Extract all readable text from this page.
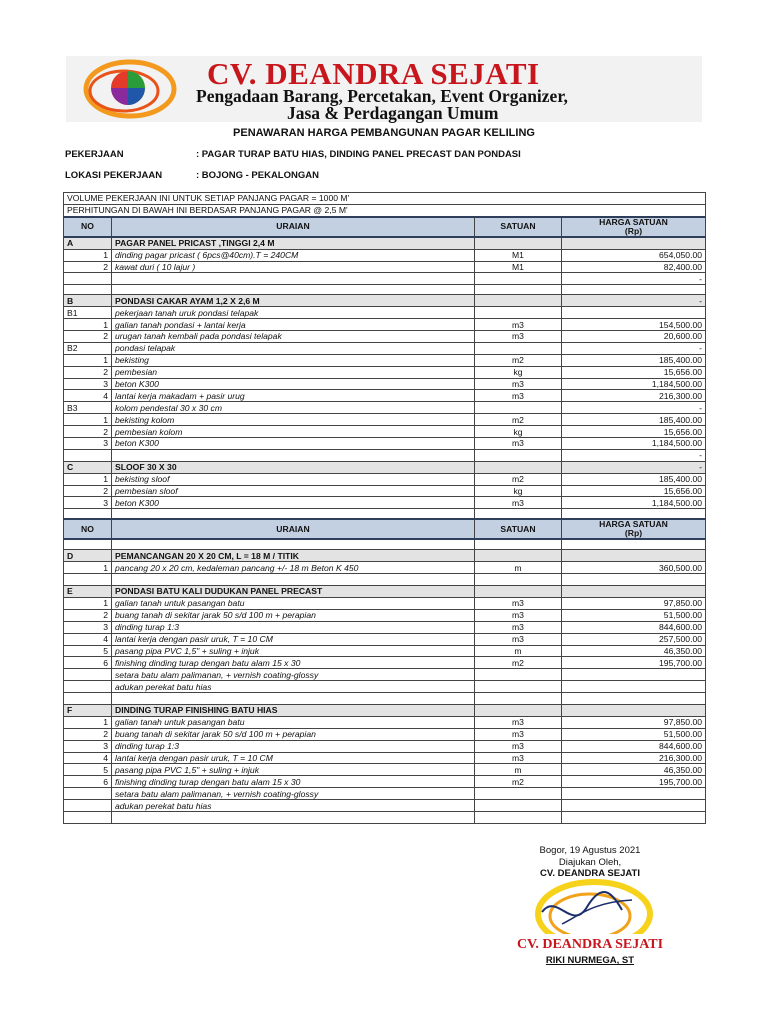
CV. DEANDRA SEJATI
Pengadaan Barang, Percetakan, Event Organizer,
Jasa & Perdagangan Umum
PENAWARAN HARGA PEMBANGUNAN PAGAR KELILING
PEKERJAAN	: PAGAR TURAP BATU HIAS, DINDING PANEL PRECAST DAN PONDASI
LOKASI PEKERJAAN	: BOJONG - PEKALONGAN
VOLUME PEKERJAAN INI UNTUK SETIAP PANJANG PAGAR = 1000 M'			
PERHITUNGAN DI BAWAH INI BERDASAR PANJANG PAGAR @ 2,5 M'			
NO	URAIAN	SATUAN	HARGA SATUAN
(Rp)

A	PAGAR PANEL PRICAST ,TINGGI 2,4 M		
1	dinding pagar pricast ( 6pcs@40cm).T = 240CM	M1	654,050.00
2	kawat duri ( 10 lajur )	M1	82,400.00
			-

B	PONDASI CAKAR AYAM 1,2 X 2,6 M		-
B1	pekerjaan tanah uruk pondasi telapak		
1	galian tanah pondasi + lantai kerja	m3	154,500.00
2	urugan tanah kembali pada pondasi telapak	m3	20,600.00
B2	pondasi telapak		-
1	bekisting	m2	185,400.00
2	pembesian	kg	15,656.00
3	beton K300	m3	1,184,500.00
4	lantai kerja makadam + pasir urug	m3	216,300.00
B3	kolom pendestal 30 x 30 cm		-
1	bekisting kolom	m2	185,400.00
2	pembesian kolom	kg	15,656.00
3	beton K300	m3	1,184,500.00
			-
C	SLOOF 30 X 30		-
1	bekisting sloof	m2	185,400.00
2	pembesian sloof	kg	15,656.00
3	beton K300	m3	1,184,500.00

NO	URAIAN	SATUAN	HARGA SATUAN
(Rp)

D	PEMANCANGAN 20 X 20 CM, L = 18 M / TITIK		
1	pancang 20 x 20 cm, kedaleman pancang +/- 18 m Beton K 450	m	360,500.00

E	PONDASI BATU KALI DUDUKAN PANEL PRECAST		
1	galian tanah untuk pasangan batu	m3	97,850.00
2	buang tanah di sekitar jarak 50 s/d 100 m + perapian	m3	51,500.00
3	dinding turap 1:3	m3	844,600.00
4	lantai kerja dengan pasir uruk, T = 10 CM	m3	257,500.00
5	pasang pipa PVC 1,5" + suling + injuk	m	46,350.00
6	finishing dinding turap dengan batu alam 15 x 30	m2	195,700.00
	setara batu alam palimanan, + vernish coating-glossy		
	adukan perekat batu hias		

F	DINDING TURAP FINISHING BATU HIAS		
1	galian tanah untuk pasangan batu	m3	97,850.00
2	buang tanah di sekitar jarak 50 s/d 100 m + perapian	m3	51,500.00
3	dinding turap 1:3	m3	844,600.00
4	lantai kerja dengan pasir uruk, T = 10 CM	m3	216,300.00
5	pasang pipa PVC 1,5" + suling + injuk	m	46,350.00
6	finishing dinding turap dengan batu alam 15 x 30	m2	195,700.00
	setara batu alam palimanan, + vernish coating-glossy		
	adukan perekat batu hias		

Bogor, 19 Agustus 2021
Diajukan Oleh,
CV. DEANDRA SEJATI
CV. DEANDRA SEJATI
RIKI NURMEGA, ST
